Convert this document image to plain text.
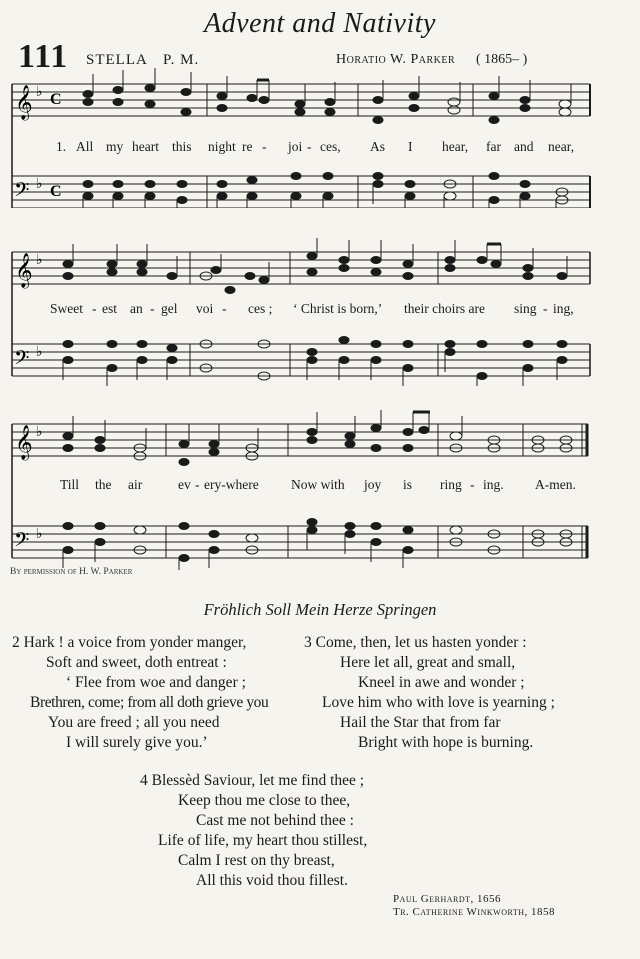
Advent and Nativity
111 STELLA P. M.	Horatio W. Parker ( 1865– )
𝄞
𝄢
♭
♭
C
C
1. All my heart this night re - joi - ces, As I hear, far and near,
𝄞
𝄢
♭
♭
Sweet - est an - gel voi - ces ; ‘ Christ is born,’ their choirs are sing - ing,
𝄞
𝄢
♭
♭
Till the air	ev - ery-where Now with joy is ring - ing. A-men.
By permission of H. W. Parker
Fröhlich Soll Mein Herze Springen
2 Hark ! a voice from yonder manger,
Soft and sweet, doth entreat :
‘ Flee from woe and danger ;
Brethren, come; from all doth grieve you
You are freed ; all you need
I will surely give you.’
3 Come, then, let us hasten yonder :
Here let all, great and small,
Kneel in awe and wonder ;
Love him who with love is yearning ;
Hail the Star that from far
Bright with hope is burning.
4 Blessèd Saviour, let me find thee ;
Keep thou me close to thee,
Cast me not behind thee :
Life of life, my heart thou stillest,
Calm I rest on thy breast,
All this void thou fillest.
Paul Gerhardt, 1656
Tr. Catherine Winkworth, 1858
